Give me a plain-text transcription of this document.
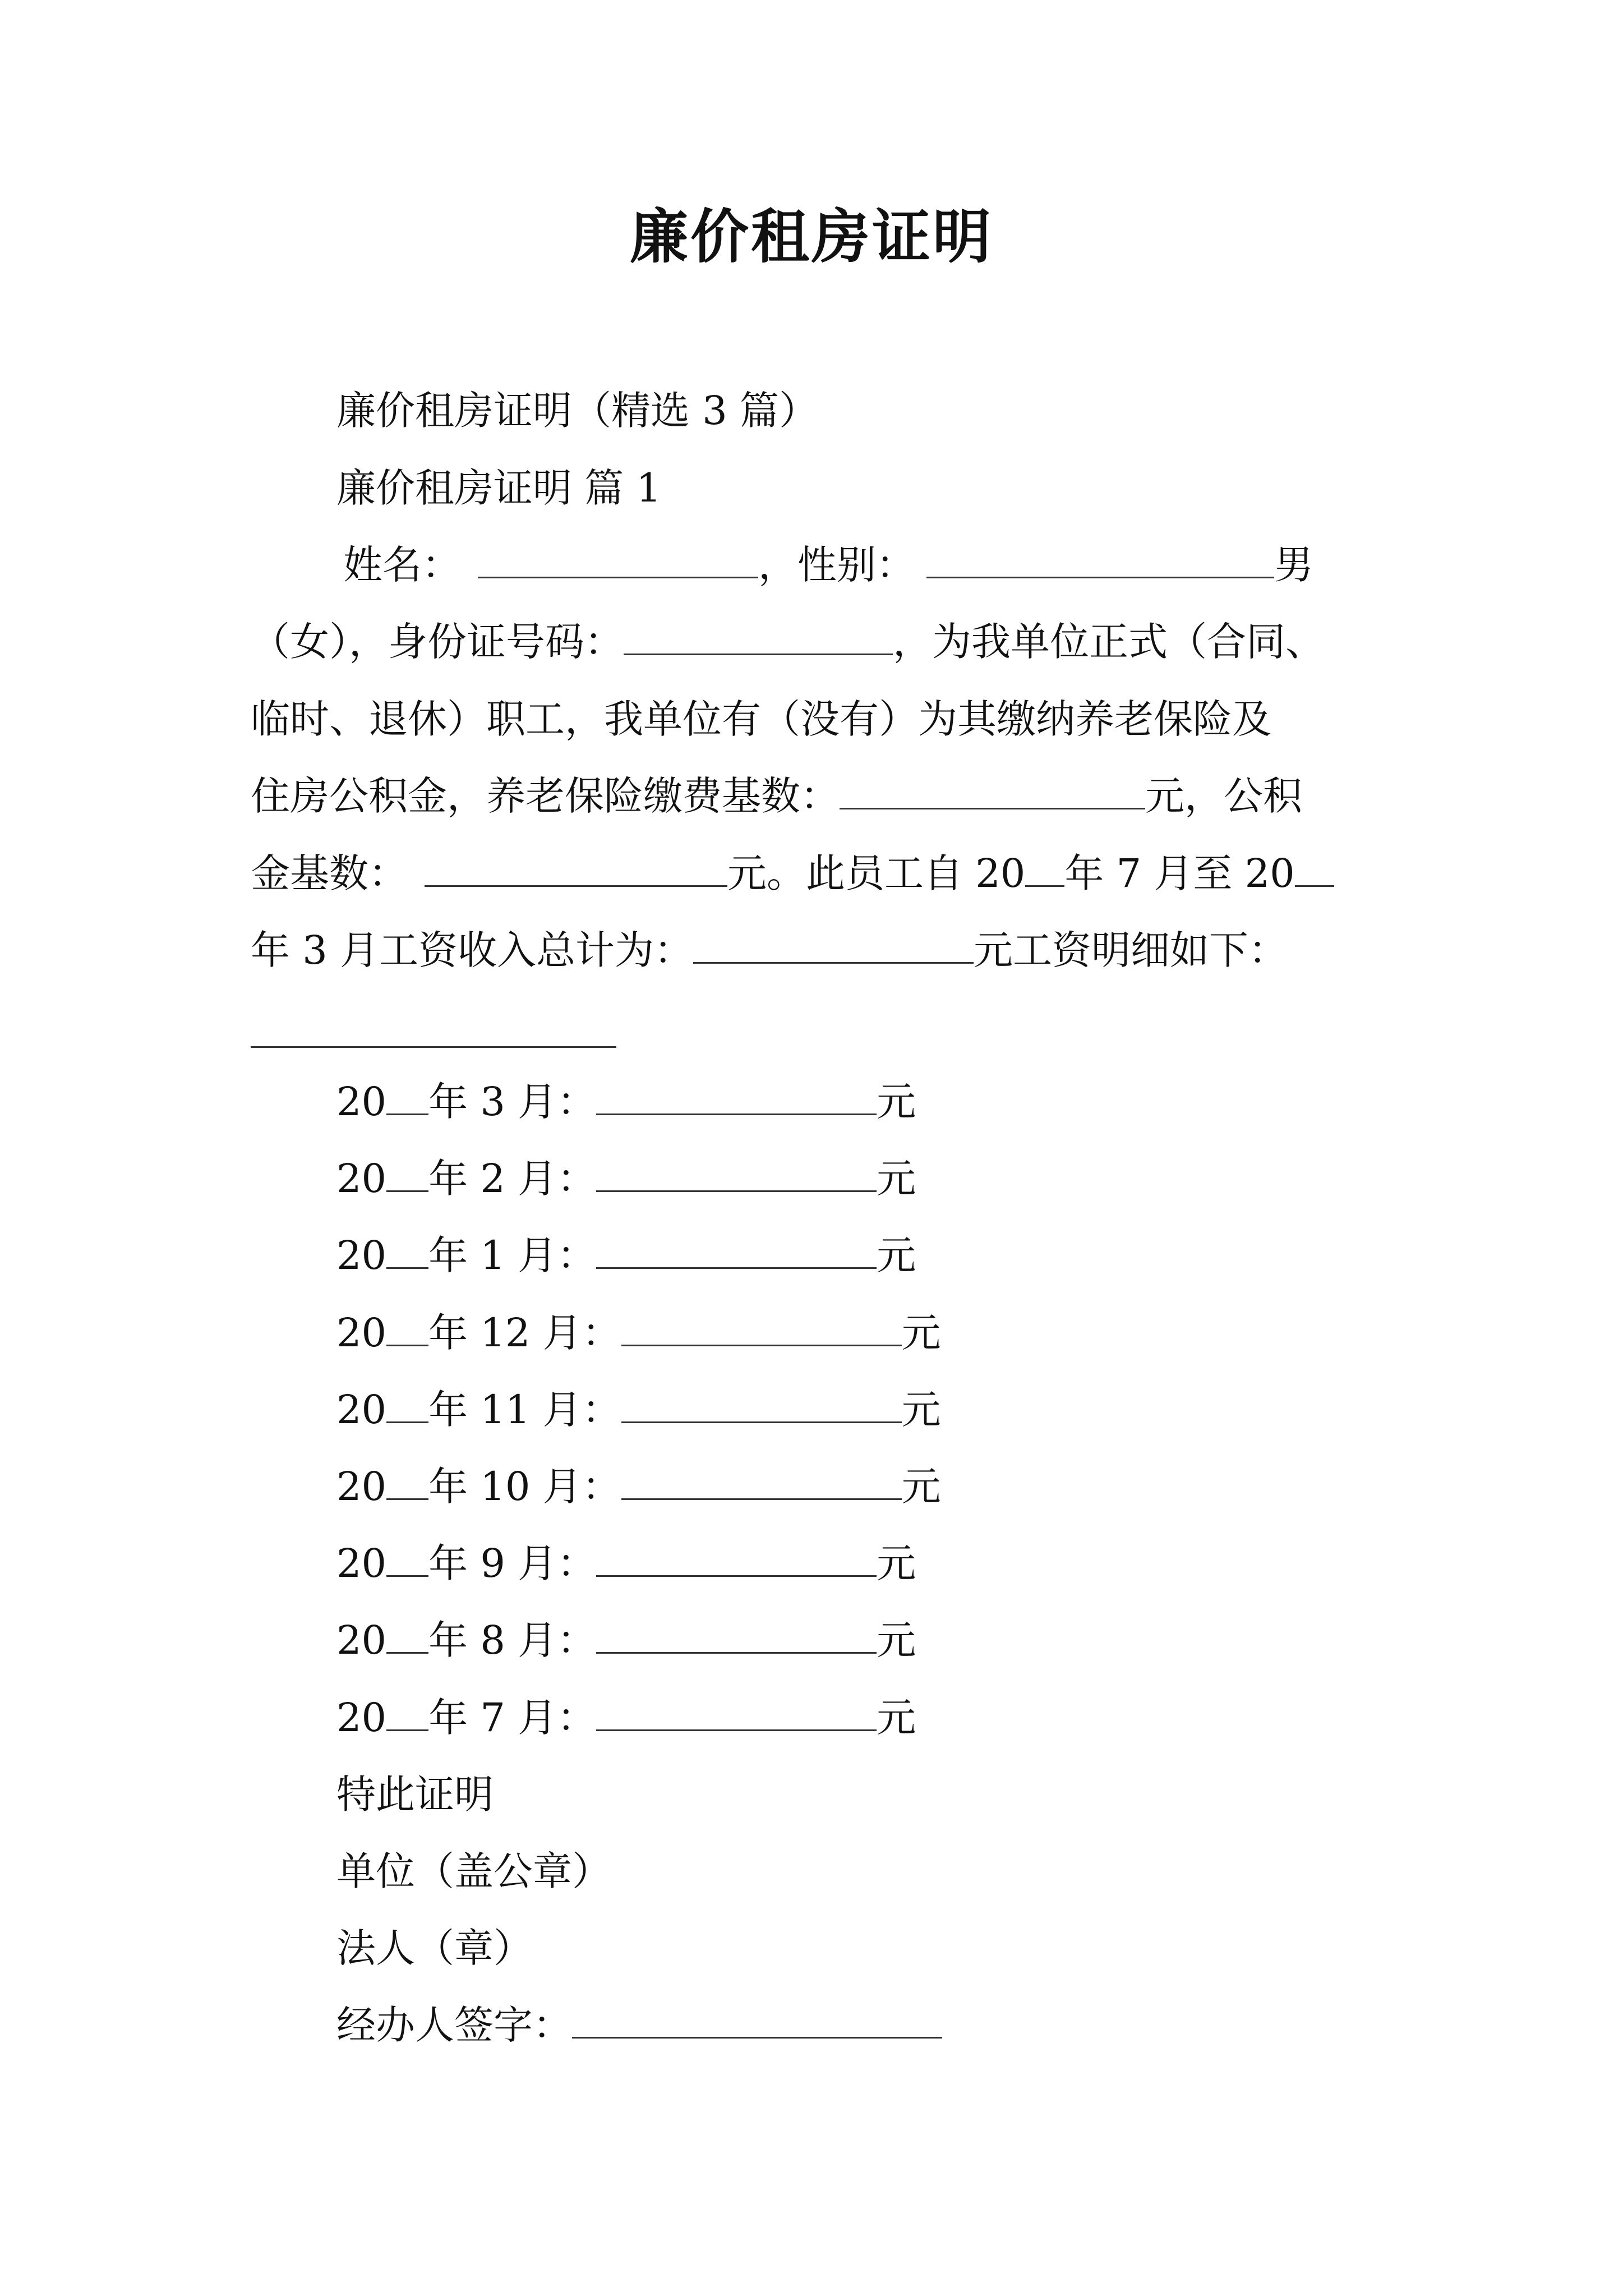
廉价租房证明
廉价租房证明（精选 3 篇）
廉价租房证明 篇 1
姓名：	，性别：	男
（女），身份证号码：	，为我单位正式（合同、
临时、退休）职工，我单位有（没有）为其缴纳养老保险及
住房公积金，养老保险缴费基数：	元，公积
金基数：	元。此员工自 20 年 7 月至 20
年 3 月工资收入总计为：	元工资明细如下：
20 年 3 月：	元
20 年 2 月：	元
20 年 1 月：	元
20 年 12 月：	元
20 年 11 月：	元
20 年 10 月：	元
20 年 9 月：	元
20 年 8 月：	元
20 年 7 月：	元
特此证明
单位（盖公章）
法人（章）
经办人签字：
